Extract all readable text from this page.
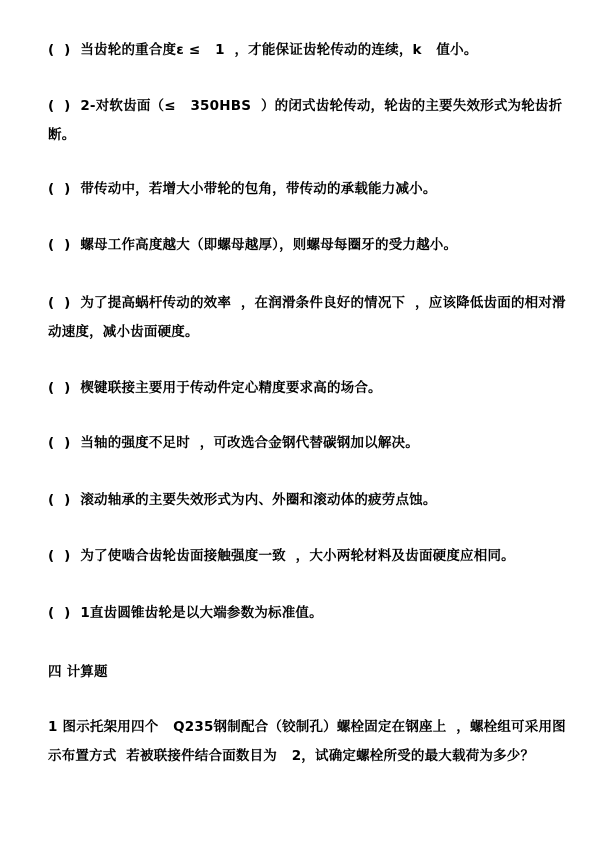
(  )  当齿轮的重合度ε ≤   1  ，才能保证齿轮传动的连续，k   值小。
(  )  2-对软齿面（≤   350HBS  ）的闭式齿轮传动，轮齿的主要失效形式为轮齿折断。
(  )  带传动中，若增大小带轮的包角，带传动的承载能力减小。
(  )  螺母工作高度越大（即螺母越厚），则螺母每圈牙的受力越小。
(  )  为了提高蜗杆传动的效率  ，在润滑条件良好的情况下  ，应该降低齿面的相对滑动速度，减小齿面硬度。
(  )  楔键联接主要用于传动件定心精度要求高的场合。
(  )  当轴的强度不足时  ，可改选合金钢代替碳钢加以解决。
(  )  滚动轴承的主要失效形式为内、外圈和滚动体的疲劳点蚀。
(  )  为了使啮合齿轮齿面接触强度一致  ，大小两轮材料及齿面硬度应相同。
(  )  1直齿圆锥齿轮是以大端参数为标准值。
四 计算题
1 图示托架用四个   Q235钢制配合（铰制孔）螺栓固定在钢座上  ，螺栓组可采用图示布置方式  若被联接件结合面数目为   2，试确定螺栓所受的最大载荷为多少？
